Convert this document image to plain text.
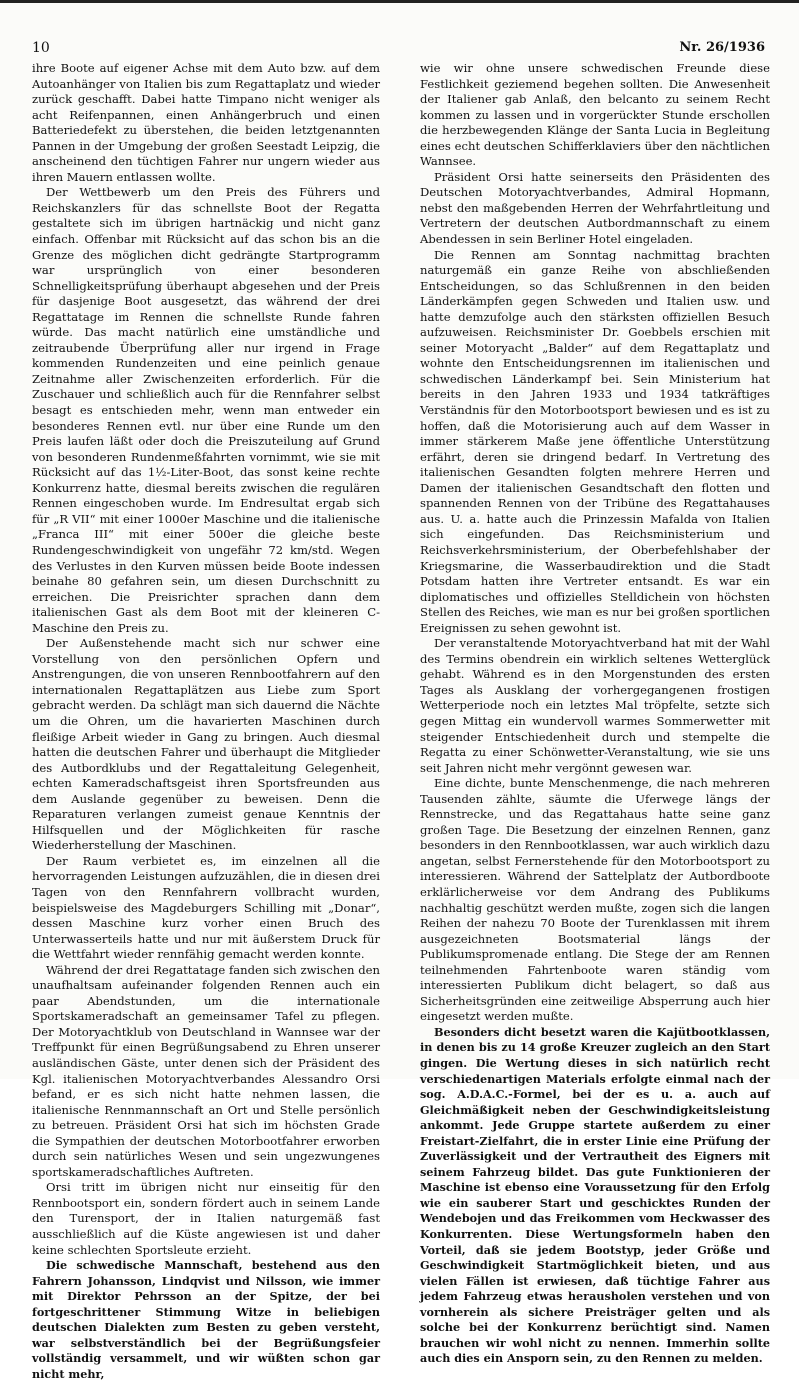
10	Nr. 26/1936

ihre Boote auf eigener Achse mit dem Auto bzw. auf dem Autoanhänger von Italien bis zum Regattaplatz und wieder zurück geschafft. Dabei hatte Timpano nicht weniger als acht Reifenpannen, einen Anhängerbruch und einen Batteriedefekt zu überstehen, die beiden letztgenannten Pannen in der Umgebung der großen Seestadt Leipzig, die anscheinend den tüchtigen Fahrer nur ungern wieder aus ihren Mauern entlassen wollte.

Der Wettbewerb um den Preis des Führers und Reichskanzlers für das schnellste Boot der Regatta gestaltete sich im übrigen hartnäckig und nicht ganz einfach. Offenbar mit Rücksicht auf das schon bis an die Grenze des möglichen dicht gedrängte Startprogramm war ursprünglich von einer besonderen Schnelligkeitsprüfung überhaupt abgesehen und der Preis für dasjenige Boot ausgesetzt, das während der drei Regattatage im Rennen die schnellste Runde fahren würde. Das macht natürlich eine umständliche und zeitraubende Überprüfung aller nur irgend in Frage kommenden Rundenzeiten und eine peinlich genaue Zeitnahme aller Zwischenzeiten erforderlich. Für die Zuschauer und schließlich auch für die Rennfahrer selbst besagt es entschieden mehr, wenn man entweder ein besonderes Rennen evtl. nur über eine Runde um den Preis laufen läßt oder doch die Preiszuteilung auf Grund von besonderen Rundenmeßfahrten vornimmt, wie sie mit Rücksicht auf das 1½-Liter-Boot, das sonst keine rechte Konkurrenz hatte, diesmal bereits zwischen die regulären Rennen eingeschoben wurde. Im Endresultat ergab sich für „R VII“ mit einer 1000er Maschine und die italienische „Franca III“ mit einer 500er die gleiche beste Rundengeschwindigkeit von ungefähr 72 km/std. Wegen des Verlustes in den Kurven müssen beide Boote indessen beinahe 80 gefahren sein, um diesen Durchschnitt zu erreichen. Die Preisrichter sprachen dann dem italienischen Gast als dem Boot mit der kleineren C-Maschine den Preis zu.

Der Außenstehende macht sich nur schwer eine Vorstellung von den persönlichen Opfern und Anstrengungen, die von unseren Rennbootfahrern auf den internationalen Regattaplätzen aus Liebe zum Sport gebracht werden. Da schlägt man sich dauernd die Nächte um die Ohren, um die havarierten Maschinen durch fleißige Arbeit wieder in Gang zu bringen. Auch diesmal hatten die deutschen Fahrer und überhaupt die Mitglieder des Autbordklubs und der Regattaleitung Gelegenheit, echten Kameradschaftsgeist ihren Sportsfreunden aus dem Auslande gegenüber zu beweisen. Denn die Reparaturen verlangen zumeist genaue Kenntnis der Hilfsquellen und der Möglichkeiten für rasche Wiederherstellung der Maschinen.

Der Raum verbietet es, im einzelnen all die hervorragenden Leistungen aufzuzählen, die in diesen drei Tagen von den Rennfahrern vollbracht wurden, beispielsweise des Magdeburgers Schilling mit „Donar“, dessen Maschine kurz vorher einen Bruch des Unterwasserteils hatte und nur mit äußerstem Druck für die Wettfahrt wieder rennfähig gemacht werden konnte.

Während der drei Regattatage fanden sich zwischen den unaufhaltsam aufeinander folgenden Rennen auch ein paar Abendstunden, um die internationale Sportskameradschaft an gemeinsamer Tafel zu pflegen. Der Motoryachtklub von Deutschland in Wannsee war der Treffpunkt für einen Begrüßungsabend zu Ehren unserer ausländischen Gäste, unter denen sich der Präsident des Kgl. italienischen Motoryachtverbandes Alessandro Orsi befand, er es sich nicht hatte nehmen lassen, die italienische Rennmannschaft an Ort und Stelle persönlich zu betreuen. Präsident Orsi hat sich im höchsten Grade die Sympathien der deutschen Motorbootfahrer erworben durch sein natürliches Wesen und sein ungezwungenes sportskameradschaftliches Auftreten.

Orsi tritt im übrigen nicht nur einseitig für den Rennbootsport ein, sondern fördert auch in seinem Lande den Turensport, der in Italien naturgemäß fast ausschließlich auf die Küste angewiesen ist und daher keine schlechten Sportsleute erzieht.

Die schwedische Mannschaft, bestehend aus den Fahrern Johansson, Lindqvist und Nilsson, wie immer mit Direktor Pehrsson an der Spitze, der bei fortgeschrittener Stimmung Witze in beliebigen deutschen Dialekten zum Besten zu geben versteht, war selbstverständlich bei der Begrüßungsfeier vollständig versammelt, und wir wüßten schon gar nicht mehr,

wie wir ohne unsere schwedischen Freunde diese Festlichkeit geziemend begehen sollten. Die Anwesenheit der Italiener gab Anlaß, den belcanto zu seinem Recht kommen zu lassen und in vorgerückter Stunde erschollen die herzbewegenden Klänge der Santa Lucia in Begleitung eines echt deutschen Schifferklaviers über den nächtlichen Wannsee.

Präsident Orsi hatte seinerseits den Präsidenten des Deutschen Motoryachtverbandes, Admiral Hopmann, nebst den maßgebenden Herren der Wehrfahrtleitung und Vertretern der deutschen Autbordmannschaft zu einem Abendessen in sein Berliner Hotel eingeladen.

Die Rennen am Sonntag nachmittag brachten naturgemäß ein ganze Reihe von abschließenden Entscheidungen, so das Schlußrennen in den beiden Länderkämpfen gegen Schweden und Italien usw. und hatte demzufolge auch den stärksten offiziellen Besuch aufzuweisen. Reichsminister Dr. Goebbels erschien mit seiner Motoryacht „Balder“ auf dem Regattaplatz und wohnte den Entscheidungsrennen im italienischen und schwedischen Länderkampf bei. Sein Ministerium hat bereits in den Jahren 1933 und 1934 tatkräftiges Verständnis für den Motorbootsport bewiesen und es ist zu hoffen, daß die Motorisierung auch auf dem Wasser in immer stärkerem Maße jene öffentliche Unterstützung erfährt, deren sie dringend bedarf. In Vertretung des italienischen Gesandten folgten mehrere Herren und Damen der italienischen Gesandtschaft den flotten und spannenden Rennen von der Tribüne des Regattahauses aus. U. a. hatte auch die Prinzessin Mafalda von Italien sich eingefunden. Das Reichsministerium und Reichsverkehrsministerium, der Oberbefehlshaber der Kriegsmarine, die Wasserbaudirektion und die Stadt Potsdam hatten ihre Vertreter entsandt. Es war ein diplomatisches und offizielles Stelldichein von höchsten Stellen des Reiches, wie man es nur bei großen sportlichen Ereignissen zu sehen gewohnt ist.

Der veranstaltende Motoryachtverband hat mit der Wahl des Termins obendrein ein wirklich seltenes Wetterglück gehabt. Während es in den Morgenstunden des ersten Tages als Ausklang der vorhergegangenen frostigen Wetterperiode noch ein letztes Mal tröpfelte, setzte sich gegen Mittag ein wundervoll warmes Sommerwetter mit steigender Entschiedenheit durch und stempelte die Regatta zu einer Schönwetter-Veranstaltung, wie sie uns seit Jahren nicht mehr vergönnt gewesen war.

Eine dichte, bunte Menschenmenge, die nach mehreren Tausenden zählte, säumte die Uferwege längs der Rennstrecke, und das Regattahaus hatte seine ganz großen Tage. Die Besetzung der einzelnen Rennen, ganz besonders in den Rennbootklassen, war auch wirklich dazu angetan, selbst Fernerstehende für den Motorbootsport zu interessieren. Während der Sattelplatz der Autbordboote erklärlicherweise vor dem Andrang des Publikums nachhaltig geschützt werden mußte, zogen sich die langen Reihen der nahezu 70 Boote der Turenklassen mit ihrem ausgezeichneten Bootsmaterial längs der Publikumspromenade entlang. Die Stege der am Rennen teilnehmenden Fahrtenboote waren ständig vom interessierten Publikum dicht belagert, so daß aus Sicherheitsgründen eine zeitweilige Absperrung auch hier eingesetzt werden mußte.

Besonders dicht besetzt waren die Kajütbootklassen, in denen bis zu 14 große Kreuzer zugleich an den Start gingen. Die Wertung dieses in sich natürlich recht verschiedenartigen Materials erfolgte einmal nach der sog. A.D.A.C.-Formel, bei der es u. a. auch auf Gleichmäßigkeit neben der Geschwindigkeitsleistung ankommt. Jede Gruppe startete außerdem zu einer Freistart-Zielfahrt, die in erster Linie eine Prüfung der Zuverlässigkeit und der Vertrautheit des Eigners mit seinem Fahrzeug bildet. Das gute Funktionieren der Maschine ist ebenso eine Voraussetzung für den Erfolg wie ein sauberer Start und geschicktes Runden der Wendebojen und das Freikommen vom Heckwasser des Konkurrenten. Diese Wertungsformeln haben den Vorteil, daß sie jedem Bootstyp, jeder Größe und Geschwindigkeit Startmöglichkeit bieten, und aus vielen Fällen ist erwiesen, daß tüchtige Fahrer aus jedem Fahrzeug etwas herausholen verstehen und von vornherein als sichere Preisträger gelten und als solche bei der Konkurrenz berüchtigt sind. Namen brauchen wir wohl nicht zu nennen. Immerhin sollte auch dies ein Ansporn sein, zu den Rennen zu melden.
